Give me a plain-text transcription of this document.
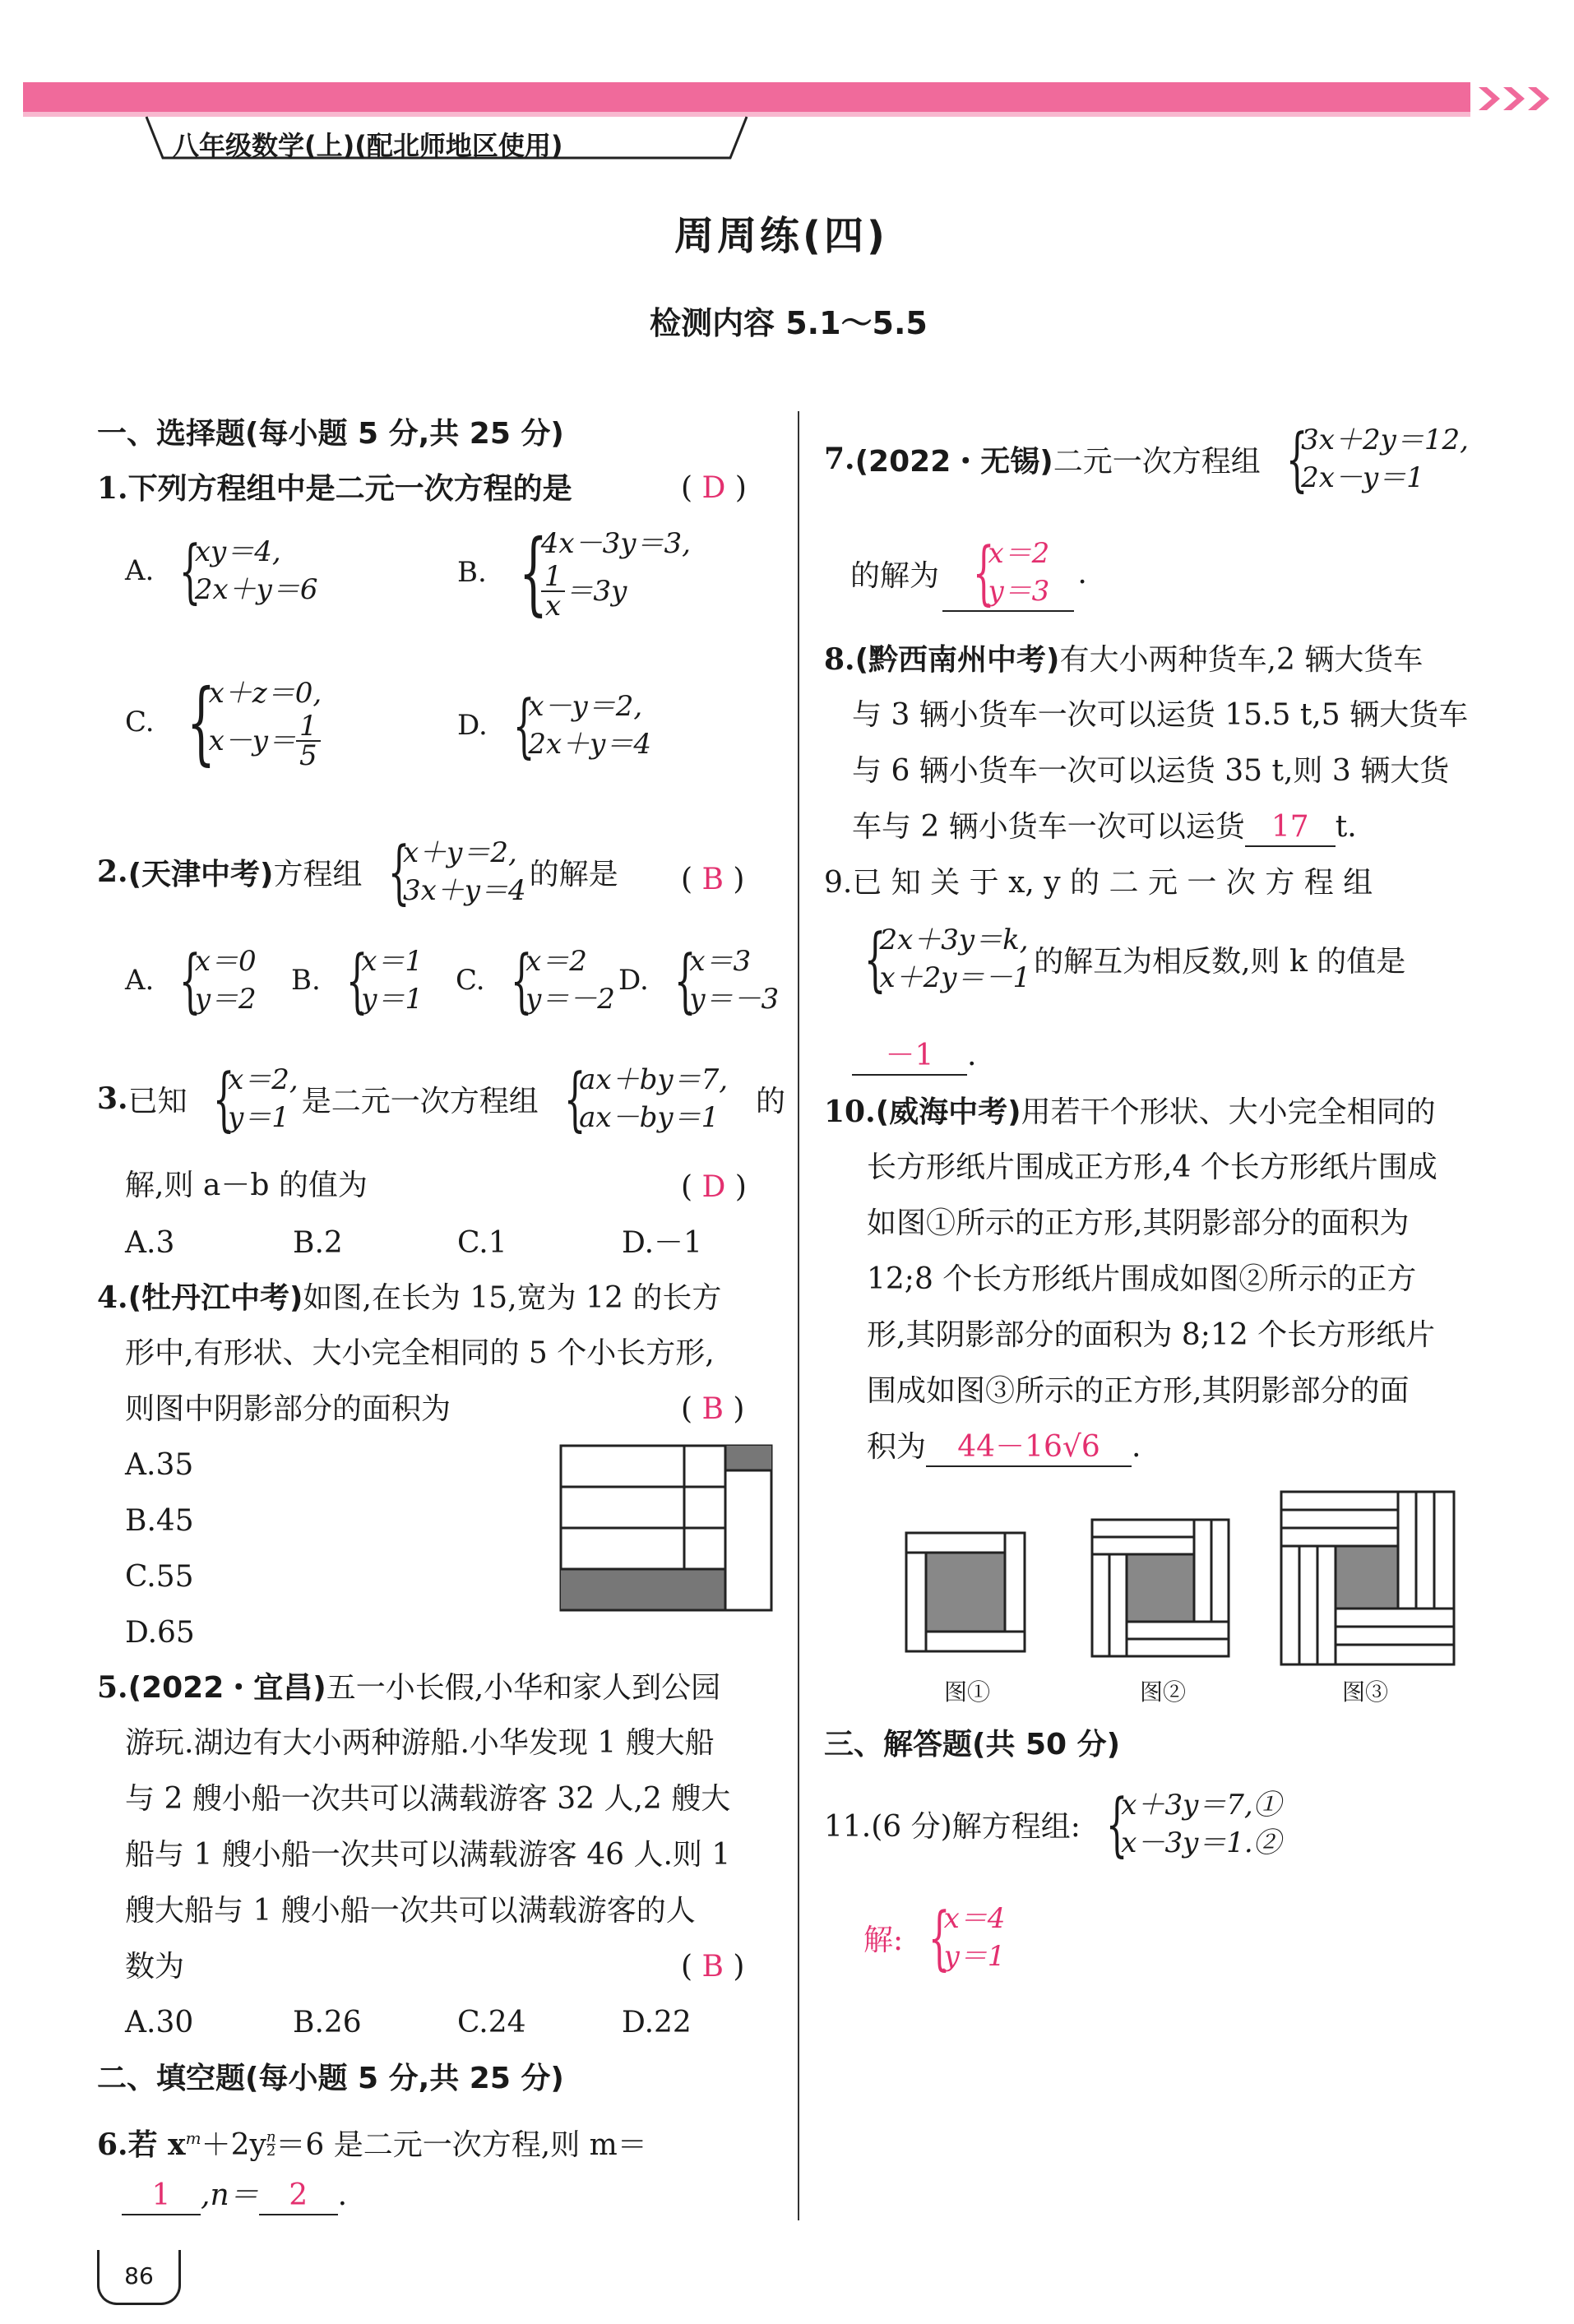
八年级数学(上)(配北师地区使用)
周周练(四)
检测内容 5.1～5.5
一、选择题(每小题 5 分,共 25 分)
1.下列方程组中是二元一次方程的是	( D )
A. {
xy＝4,
2x＋y＝6
B. {
4x－3y＝3,
$\frac{1}{x} =3y$
C. {
x＋z＝0,
$x-y= \frac{1}{5}$	D. {
x－y＝2,
2x＋y＝4
2. (天津中考) 方程组 {
x＋y＝2,
3x＋y＝4 的解是 ( B )
A. {
x＝0
y＝2
B. {
x＝1
y＝1
C. {
x＝2
y＝－2
D. {
x＝3
y＝－3
3. 已知 {
x＝2,
y＝1 是二元一次方程组 {
ax＋by＝7,
ax－by＝1 的
解,则 a－b 的值为	( D )
A.3	B.2	C.1	D.－1
4.(牡丹江中考)如图,在长为 15,宽为 12 的长方
形中,有形状、大小完全相同的 5 个小长方形,
则图中阴影部分的面积为	( B )
A.35
B.45
C.55
D.65
5.(2022・宜昌)五一小长假,小华和家人到公园
游玩.湖边有大小两种游船.小华发现 1 艘大船
与 2 艘小船一次共可以满载游客 32 人,2 艘大
船与 1 艘小船一次共可以满载游客 46 人.则 1
艘大船与 1 艘小船一次共可以满载游客的人
数为	( B )
A.30	B.26	C.24	D.22
二、填空题(每小题 5 分,共 25 分)
6.若 $x^m+2y$ $^{\frac{n}{2}}$ ＝6 是二元一次方程,则 m＝
1 ,n＝ 2 .
86
7. (2022・无锡) 二元一次方程组 {
3x＋2y＝12,
2x－y＝1
的解为 {
x＝2
y＝3
.
8.(黔西南州中考)有大小两种货车,2 辆大货车
与 3 辆小货车一次可以运货 15.5 t,5 辆大货车
与 6 辆小货车一次可以运货 35 t,则 3 辆大货
车与 2 辆小货车一次可以运货 17 t.
9.已 知 关 于 x, y 的 二 元 一 次 方 程 组
{
2x＋3y＝k,
x＋2y＝－1 的解互为相反数,则 k 的值是
－1 .
10.(威海中考)用若干个形状、大小完全相同的
长方形纸片围成正方形,4 个长方形纸片围成
如图①所示的正方形,其阴影部分的面积为
12;8 个长方形纸片围成如图②所示的正方
形,其阴影部分的面积为 8;12 个长方形纸片
围成如图③所示的正方形,其阴影部分的面
积为 44－16√6 .
图①	图②	图③
三、解答题(共 50 分)
11.(6 分)解方程组: {
x＋3y＝7,①
x－3y＝1.②
解: {
x＝4
y＝1
